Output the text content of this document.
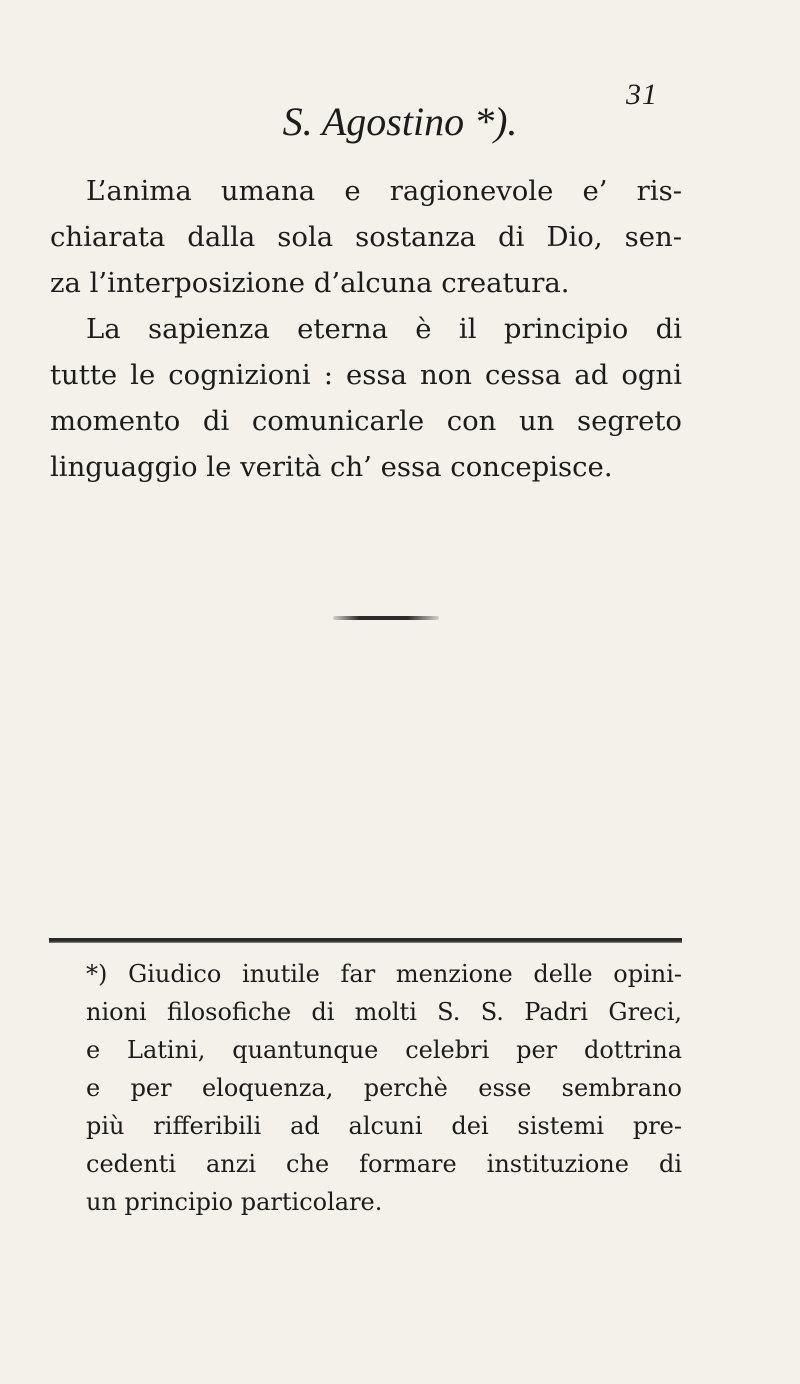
31
S. Agostino *).
L’anima umana e ragionevole e’ ris-
chiarata dalla sola sostanza di Dio, sen-
za l’interposizione d’alcuna creatura.
La sapienza eterna è il principio di
tutte le cognizioni : essa non cessa ad ogni
momento di comunicarle con un segreto
linguaggio le verità ch’ essa concepisce.
*) Giudico inutile far menzione delle opini-
nioni filosofiche di molti S. S. Padri Greci,
e Latini, quantunque celebri per dottrina
e per eloquenza, perchè esse sembrano
più rifferibili ad alcuni dei sistemi pre-
cedenti anzi che formare instituzione di
un principio particolare.
